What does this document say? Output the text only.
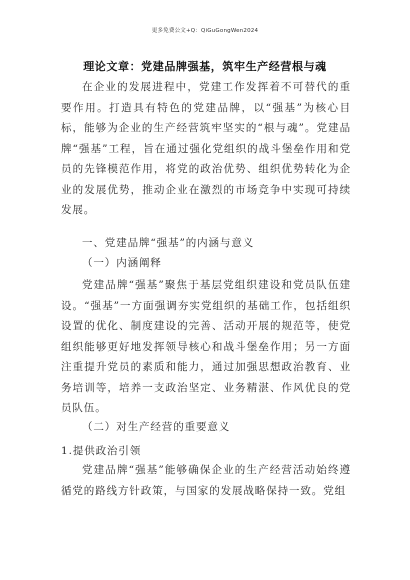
更多免费公文+Q：QiGuGongWen2024
理论文章：党建品牌强基，筑牢生产经营根与魂
在企业的发展进程中，党建工作发挥着不可替代的重要作用。打造具有特色的党建品牌，以“强基”为核心目标，能够为企业的生产经营筑牢坚实的“根与魂”。党建品牌“强基”工程，旨在通过强化党组织的战斗堡垒作用和党员的先锋模范作用，将党的政治优势、组织优势转化为企业的发展优势，推动企业在激烈的市场竞争中实现可持续发展。
一、党建品牌“强基”的内涵与意义
（一）内涵阐释
党建品牌“强基”聚焦于基层党组织建设和党员队伍建设。“强基”一方面强调夯实党组织的基础工作，包括组织设置的优化、制度建设的完善、活动开展的规范等，使党组织能够更好地发挥领导核心和战斗堡垒作用；另一方面注重提升党员的素质和能力，通过加强思想政治教育、业务培训等，培养一支政治坚定、业务精湛、作风优良的党员队伍。
（二）对生产经营的重要意义
1.提供政治引领
党建品牌“强基”能够确保企业的生产经营活动始终遵循党的路线方针政策，与国家的发展战略保持一致。党组
